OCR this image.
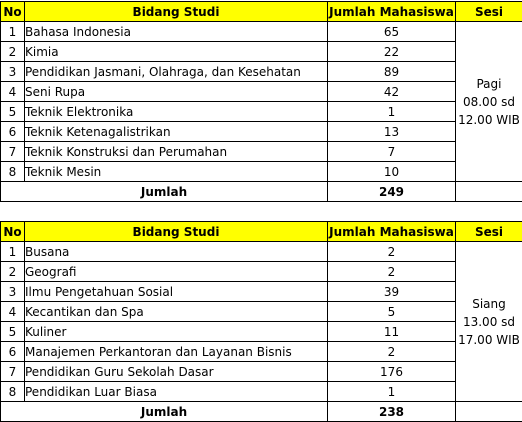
No	Bidang Studi	Jumlah Mahasiswa	Sesi
1	Bahasa Indonesia	65	Pagi
08.00 sd
12.00 WIB

2	Kimia	22	
3	Pendidikan Jasmani, Olahraga, dan Kesehatan	89	
4	Seni Rupa	42	
5	Teknik Elektronika	1	
6	Teknik Ketenagalistrikan	13	
7	Teknik Konstruksi dan Perumahan	7	
8	Teknik Mesin	10	
Jumlah		249	
No	Bidang Studi	Jumlah Mahasiswa	Sesi
1	Busana	2	Siang
13.00 sd
17.00 WIB

2	Geografi	2	
3	Ilmu Pengetahuan Sosial	39	
4	Kecantikan dan Spa	5	
5	Kuliner	11	
6	Manajemen Perkantoran dan Layanan Bisnis	2	
7	Pendidikan Guru Sekolah Dasar	176	
8	Pendidikan Luar Biasa	1	
Jumlah		238	
